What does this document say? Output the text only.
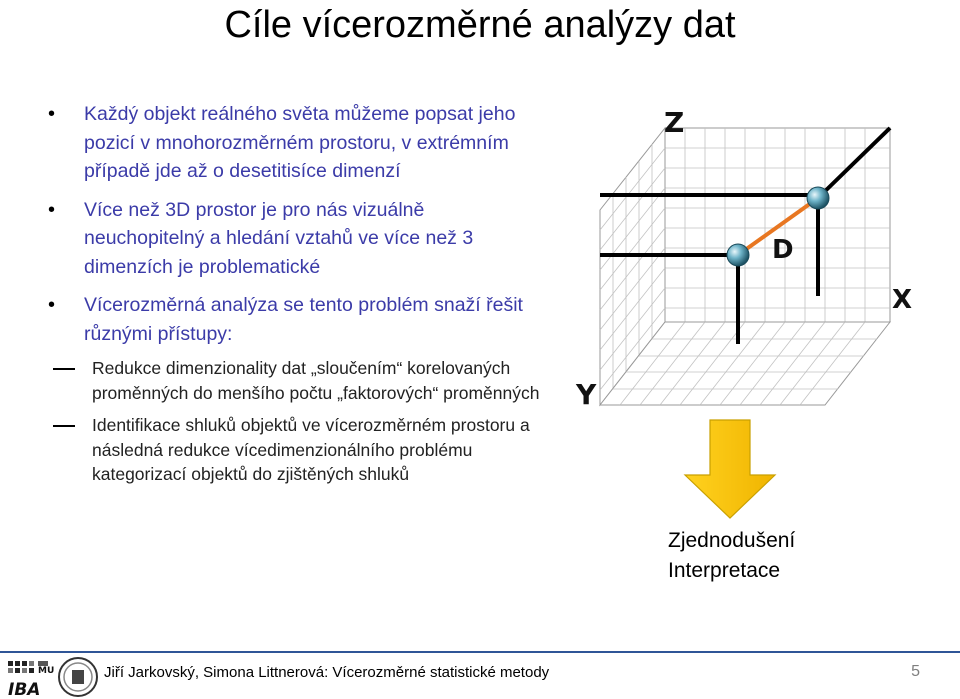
Cíle vícerozměrné analýzy dat
• Každý objekt reálného světa můžeme popsat jeho pozicí v mnohorozměrném prostoru, v extrémním případě jde až o desetitisíce dimenzí
• Více než 3D prostor je pro nás vizuálně neuchopitelný a hledání vztahů ve více než 3 dimenzích je problematické
• Vícerozměrná analýza se tento problém snaží řešit různými přístupy:
Redukce dimenzionality dat „sloučením“ korelovaných proměnných do menšího počtu „faktorových“ proměnných
Identifikace shluků objektů ve vícerozměrném prostoru a následná redukce vícedimenzionálního problému kategorizací objektů do zjištěných shluků
Z
D
X
Y
Zjednodušení
Interpretace
IBA
MU	Jiří Jarkovský, Simona Littnerová: Vícerozměrné statistické metody	5
